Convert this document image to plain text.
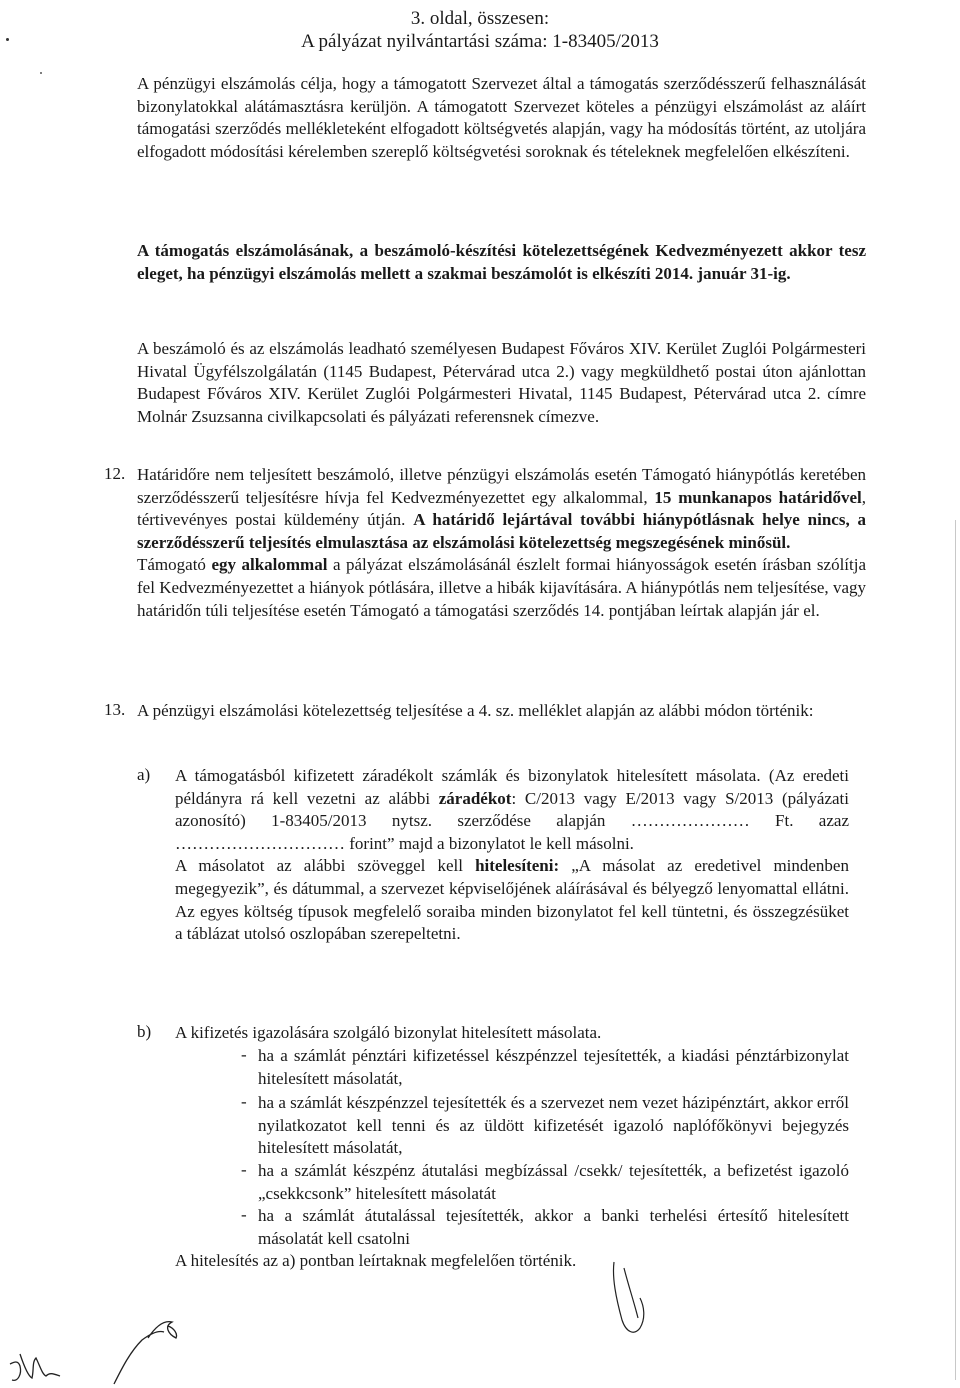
3. oldal, összesen:
A pályázat nyilvántartási száma: 1-83405/2013

A pénzügyi elszámolás célja, hogy a támogatott Szervezet által a támogatás szerződésszerű felhasználását bizonylatokkal alátámasztásra kerüljön. A támogatott Szervezet köteles a pénzügyi elszámolást az aláírt támogatási szerződés mellékleteként elfogadott költségvetés alapján, vagy ha módosítás történt, az utoljára elfogadott módosítási kérelemben szereplő költségvetési soroknak és tételeknek megfelelően elkészíteni.

A támogatás elszámolásának, a beszámoló-készítési kötelezettségének Kedvezményezett akkor tesz eleget, ha pénzügyi elszámolás mellett a szakmai beszámolót is elkészíti 2014. január 31-ig.

A beszámoló és az elszámolás leadható személyesen Budapest Főváros XIV. Kerület Zuglói Polgármesteri Hivatal Ügyfélszolgálatán (1145 Budapest, Pétervárad utca 2.) vagy megküldhető postai úton ajánlottan Budapest Főváros XIV. Kerület Zuglói Polgármesteri Hivatal, 1145 Budapest, Pétervárad utca 2. címre Molnár Zsuzsanna civilkapcsolati és pályázati referensnek címezve.

12. Határidőre nem teljesített beszámoló, illetve pénzügyi elszámolás esetén Támogató hiánypótlás keretében szerződésszerű teljesítésre hívja fel Kedvezményezettet egy alkalommal, 15 munkanapos határidővel, tértivevényes postai küldemény útján. A határidő lejártával további hiánypótlásnak helye nincs, a szerződésszerű teljesítés elmulasztása az elszámolási kötelezettség megszegésének minősül.
Támogató egy alkalommal a pályázat elszámolásánál észlelt formai hiányosságok esetén írásban szólítja fel Kedvezményezettet a hiányok pótlására, illetve a hibák kijavítására. A hiánypótlás nem teljesítése, vagy határidőn túli teljesítése esetén Támogató a támogatási szerződés 14. pontjában leírtak alapján jár el.

13. A pénzügyi elszámolási kötelezettség teljesítése a 4. sz. melléklet alapján az alábbi módon történik:

a) A támogatásból kifizetett záradékolt számlák és bizonylatok hitelesített másolata. (Az eredeti példányra rá kell vezetni az alábbi záradékot: C/2013 vagy E/2013 vagy S/2013 (pályázati azonosító) 1-83405/2013 nytsz. szerződése alapján ………………… Ft. azaz ………………………… forint” majd a bizonylatot le kell másolni.
A másolatot az alábbi szöveggel kell hitelesíteni: „A másolat az eredetivel mindenben megegyezik”, és dátummal, a szervezet képviselőjének aláírásával és bélyegző lenyomattal ellátni. Az egyes költség típusok megfelelő soraiba minden bizonylatot fel kell tüntetni, és összegzésüket a táblázat utolsó oszlopában szerepeltetni.

b) A kifizetés igazolására szolgáló bizonylat hitelesített másolata.

- ha a számlát pénztári kifizetéssel készpénzzel tejesítették, a kiadási pénztárbizonylat hitelesített másolatát,

- ha a számlát készpénzzel tejesítették és a szervezet nem vezet házipénztárt, akkor erről nyilatkozatot kell tenni és az üldött kifizetését igazoló naplófőkönyvi bejegyzés hitelesített másolatát,

- ha a számlát készpénz átutalási megbízással /csekk/ tejesítették, a befizetést igazoló „csekkcsonk” hitelesített másolatát

- ha a számlát átutalással tejesítették, akkor a banki terhelési értesítő hitelesített másolatát kell csatolni

A hitelesítés az a) pontban leírtaknak megfelelően történik.
